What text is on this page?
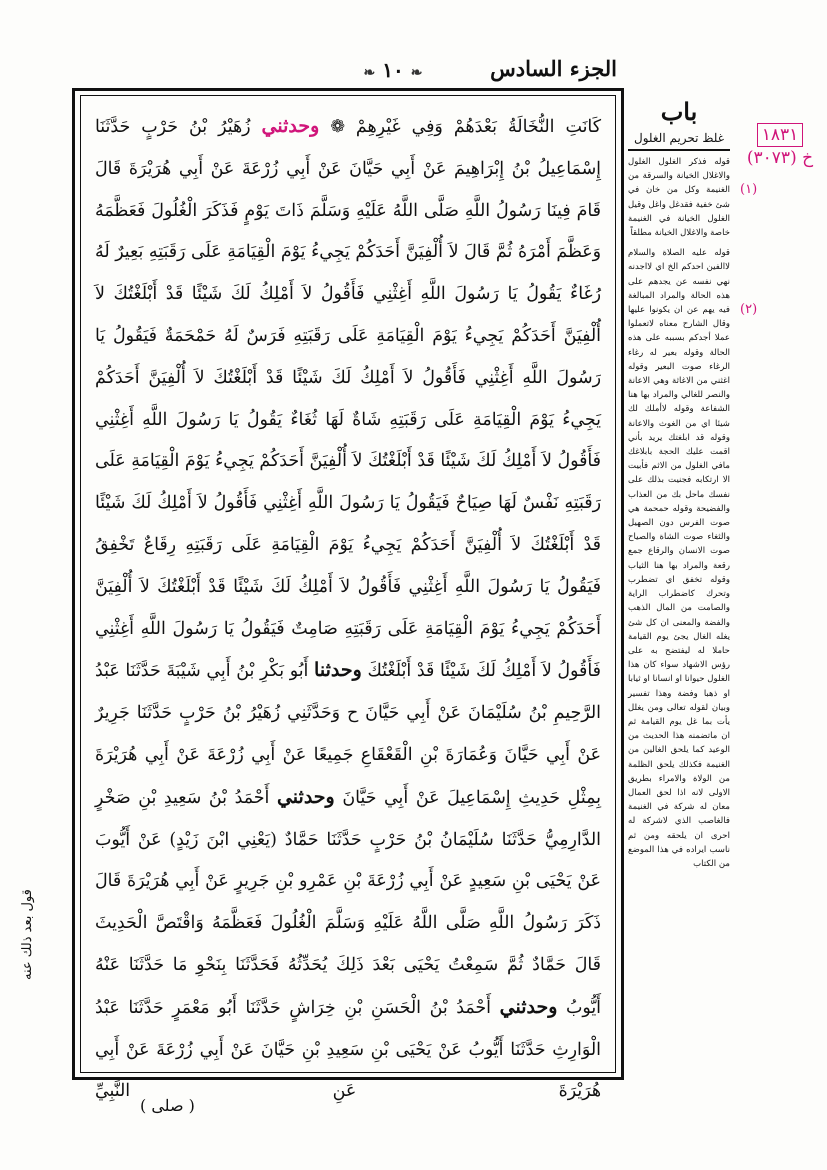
الجزء السادس
❧ ١٠ ❧

كَانَتِ النُّخَالَةُ بَعْدَهُمْ وَفِي غَيْرِهِمْ ❁ وحدثني زُهَيْرُ بْنُ حَرْبٍ حَدَّثَنَا إِسْمَاعِيلُ بْنُ إِبْرَاهِيمَ عَنْ أَبِي حَيَّانَ عَنْ أَبِي زُرْعَةَ عَنْ أَبِي هُرَيْرَةَ قَالَ قَامَ فِينَا رَسُولُ اللَّهِ صَلَّى اللَّهُ عَلَيْهِ وَسَلَّمَ ذَاتَ يَوْمٍ فَذَكَرَ الْغُلُولَ فَعَظَّمَهُ وَعَظَّمَ أَمْرَهُ ثُمَّ قَالَ لاَ أُلْفِيَنَّ أَحَدَكُمْ يَجِيءُ يَوْمَ الْقِيَامَةِ عَلَى رَقَبَتِهِ بَعِيرٌ لَهُ رُغَاءٌ يَقُولُ يَا رَسُولَ اللَّهِ أَغِثْنِي فَأَقُولُ لاَ أَمْلِكُ لَكَ شَيْئًا قَدْ أَبْلَغْتُكَ لاَ أُلْفِيَنَّ أَحَدَكُمْ يَجِيءُ يَوْمَ الْقِيَامَةِ عَلَى رَقَبَتِهِ فَرَسٌ لَهُ حَمْحَمَةٌ فَيَقُولُ يَا رَسُولَ اللَّهِ أَغِثْنِي فَأَقُولُ لاَ أَمْلِكُ لَكَ شَيْئًا قَدْ أَبْلَغْتُكَ لاَ أُلْفِيَنَّ أَحَدَكُمْ يَجِيءُ يَوْمَ الْقِيَامَةِ عَلَى رَقَبَتِهِ شَاةٌ لَهَا ثُغَاءٌ يَقُولُ يَا رَسُولَ اللَّهِ أَغِثْنِي فَأَقُولُ لاَ أَمْلِكُ لَكَ شَيْئًا قَدْ أَبْلَغْتُكَ لاَ أُلْفِيَنَّ أَحَدَكُمْ يَجِيءُ يَوْمَ الْقِيَامَةِ عَلَى رَقَبَتِهِ نَفْسٌ لَهَا صِيَاحٌ فَيَقُولُ يَا رَسُولَ اللَّهِ أَغِثْنِي فَأَقُولُ لاَ أَمْلِكُ لَكَ شَيْئًا قَدْ أَبْلَغْتُكَ لاَ أُلْفِيَنَّ أَحَدَكُمْ يَجِيءُ يَوْمَ الْقِيَامَةِ عَلَى رَقَبَتِهِ رِقَاعٌ تَخْفِقُ فَيَقُولُ يَا رَسُولَ اللَّهِ أَغِثْنِي فَأَقُولُ لاَ أَمْلِكُ لَكَ شَيْئًا قَدْ أَبْلَغْتُكَ لاَ أُلْفِيَنَّ أَحَدَكُمْ يَجِيءُ يَوْمَ الْقِيَامَةِ عَلَى رَقَبَتِهِ صَامِتٌ فَيَقُولُ يَا رَسُولَ اللَّهِ أَغِثْنِي فَأَقُولُ لاَ أَمْلِكُ لَكَ شَيْئًا قَدْ أَبْلَغْتُكَ وحدثنا أَبُو بَكْرِ بْنُ أَبِي شَيْبَةَ حَدَّثَنَا عَبْدُ الرَّحِيمِ بْنُ سُلَيْمَانَ عَنْ أَبِي حَيَّانَ ح وَحَدَّثَنِي زُهَيْرُ بْنُ حَرْبٍ حَدَّثَنَا جَرِيرٌ عَنْ أَبِي حَيَّانَ وَعُمَارَةَ بْنِ الْقَعْقَاعِ جَمِيعًا عَنْ أَبِي زُرْعَةَ عَنْ أَبِي هُرَيْرَةَ بِمِثْلِ حَدِيثِ إِسْمَاعِيلَ عَنْ أَبِي حَيَّانَ وحدثني أَحْمَدُ بْنُ سَعِيدِ بْنِ صَخْرٍ الدَّارِمِيُّ حَدَّثَنَا سُلَيْمَانُ بْنُ حَرْبٍ حَدَّثَنَا حَمَّادٌ (يَعْنِي ابْنَ زَيْدٍ) عَنْ أَيُّوبَ عَنْ يَحْيَى بْنِ سَعِيدٍ عَنْ أَبِي زُرْعَةَ بْنِ عَمْرِو بْنِ جَرِيرٍ عَنْ أَبِي هُرَيْرَةَ قَالَ ذَكَرَ رَسُولُ اللَّهِ صَلَّى اللَّهُ عَلَيْهِ وَسَلَّمَ الْغُلُولَ فَعَظَّمَهُ وَاقْتَصَّ الْحَدِيثَ قَالَ حَمَّادٌ ثُمَّ سَمِعْتُ يَحْيَى بَعْدَ ذَلِكَ يُحَدِّثُهُ فَحَدَّثَنَا بِنَحْوِ مَا حَدَّثَنَا عَنْهُ أَيُّوبُ وحدثني أَحْمَدُ بْنُ الْحَسَنِ بْنِ خِرَاشٍ حَدَّثَنَا أَبُو مَعْمَرٍ حَدَّثَنَا عَبْدُ الْوَارِثِ حَدَّثَنَا أَيُّوبُ عَنْ يَحْيَى بْنِ سَعِيدِ بْنِ حَيَّانَ عَنْ أَبِي زُرْعَةَ عَنْ أَبِي هُرَيْرَةَ عَنِ النَّبِيِّ

باب
غلظ تحريم الغلول

قوله فذكر الغلول الغلول والاغلال الخيانة والسرقة من الغنيمة وكل من خان في شئ خفية فقدغل واغل وقيل الغلول الخيانة في الغنيمة خاصة والاغلال الخيانة مطلقاً

قوله عليه الصلاة والسلام لاالفين احدكم الخ اي لااجدنه نهي نفسه عن يجدهم على هذه الحالة والمراد المبالغة فيه يهم عن ان يكونوا عليها وقال الشارح معناه لاتعملوا عملا أجدكم بسببه على هذه الحالة وقوله بعير له رغاء الرغاء صوت البعير وقوله اغثني من الاغاثة وهي الاعانة والنصر للغالي والمراد بها هنا الشفاعة وقوله لاأملك لك شيئا اي من الغوث والاعانة وقوله قد ابلغتك يريد بأني اقمت عليك الحجة بابلاغك مافي الغلول من الاثم فأبيت الا ارتكابه فجنيت بذلك على نفسك ماحل بك من العذاب والفضيحة وقوله حمحمة هي صوت الفرس دون الصهيل والثغاء صوت الشاة والصياح صوت الانسان والرقاع جمع رقعة والمراد بها هنا الثياب وقوله تخفق اي تضطرب وتحرك كاضطراب الراية والصامت من المال الذهب والفضة والمعنى ان كل شئ يغله الغال يجئ يوم القيامة حاملا له ليفتضح به على رؤس الاشهاد سواء كان هذا الغلول حيوانا او انسانا او ثيابا او ذهبا وفضة وهذا تفسير وبيان لقوله تعالى ومن يغلل يأت بما غل يوم القيامة ثم ان ماتضمنه هذا الحديث من الوعيد كما يلحق الغالين من الغنيمة فكذلك يلحق الظلمة من الولاة والامراء بطريق الاولى لانه اذا لحق العمال معان له شركة في الغنيمة فالغاصب الذي لاشركة له احرى ان يلحقه ومن ثم ناسب ايراده في هذا الموضع من الكتاب

(١)
(٢)
١٨٣١
خ (٣٠٧٣)
قول بعد ذلك عنه
( صلى )
